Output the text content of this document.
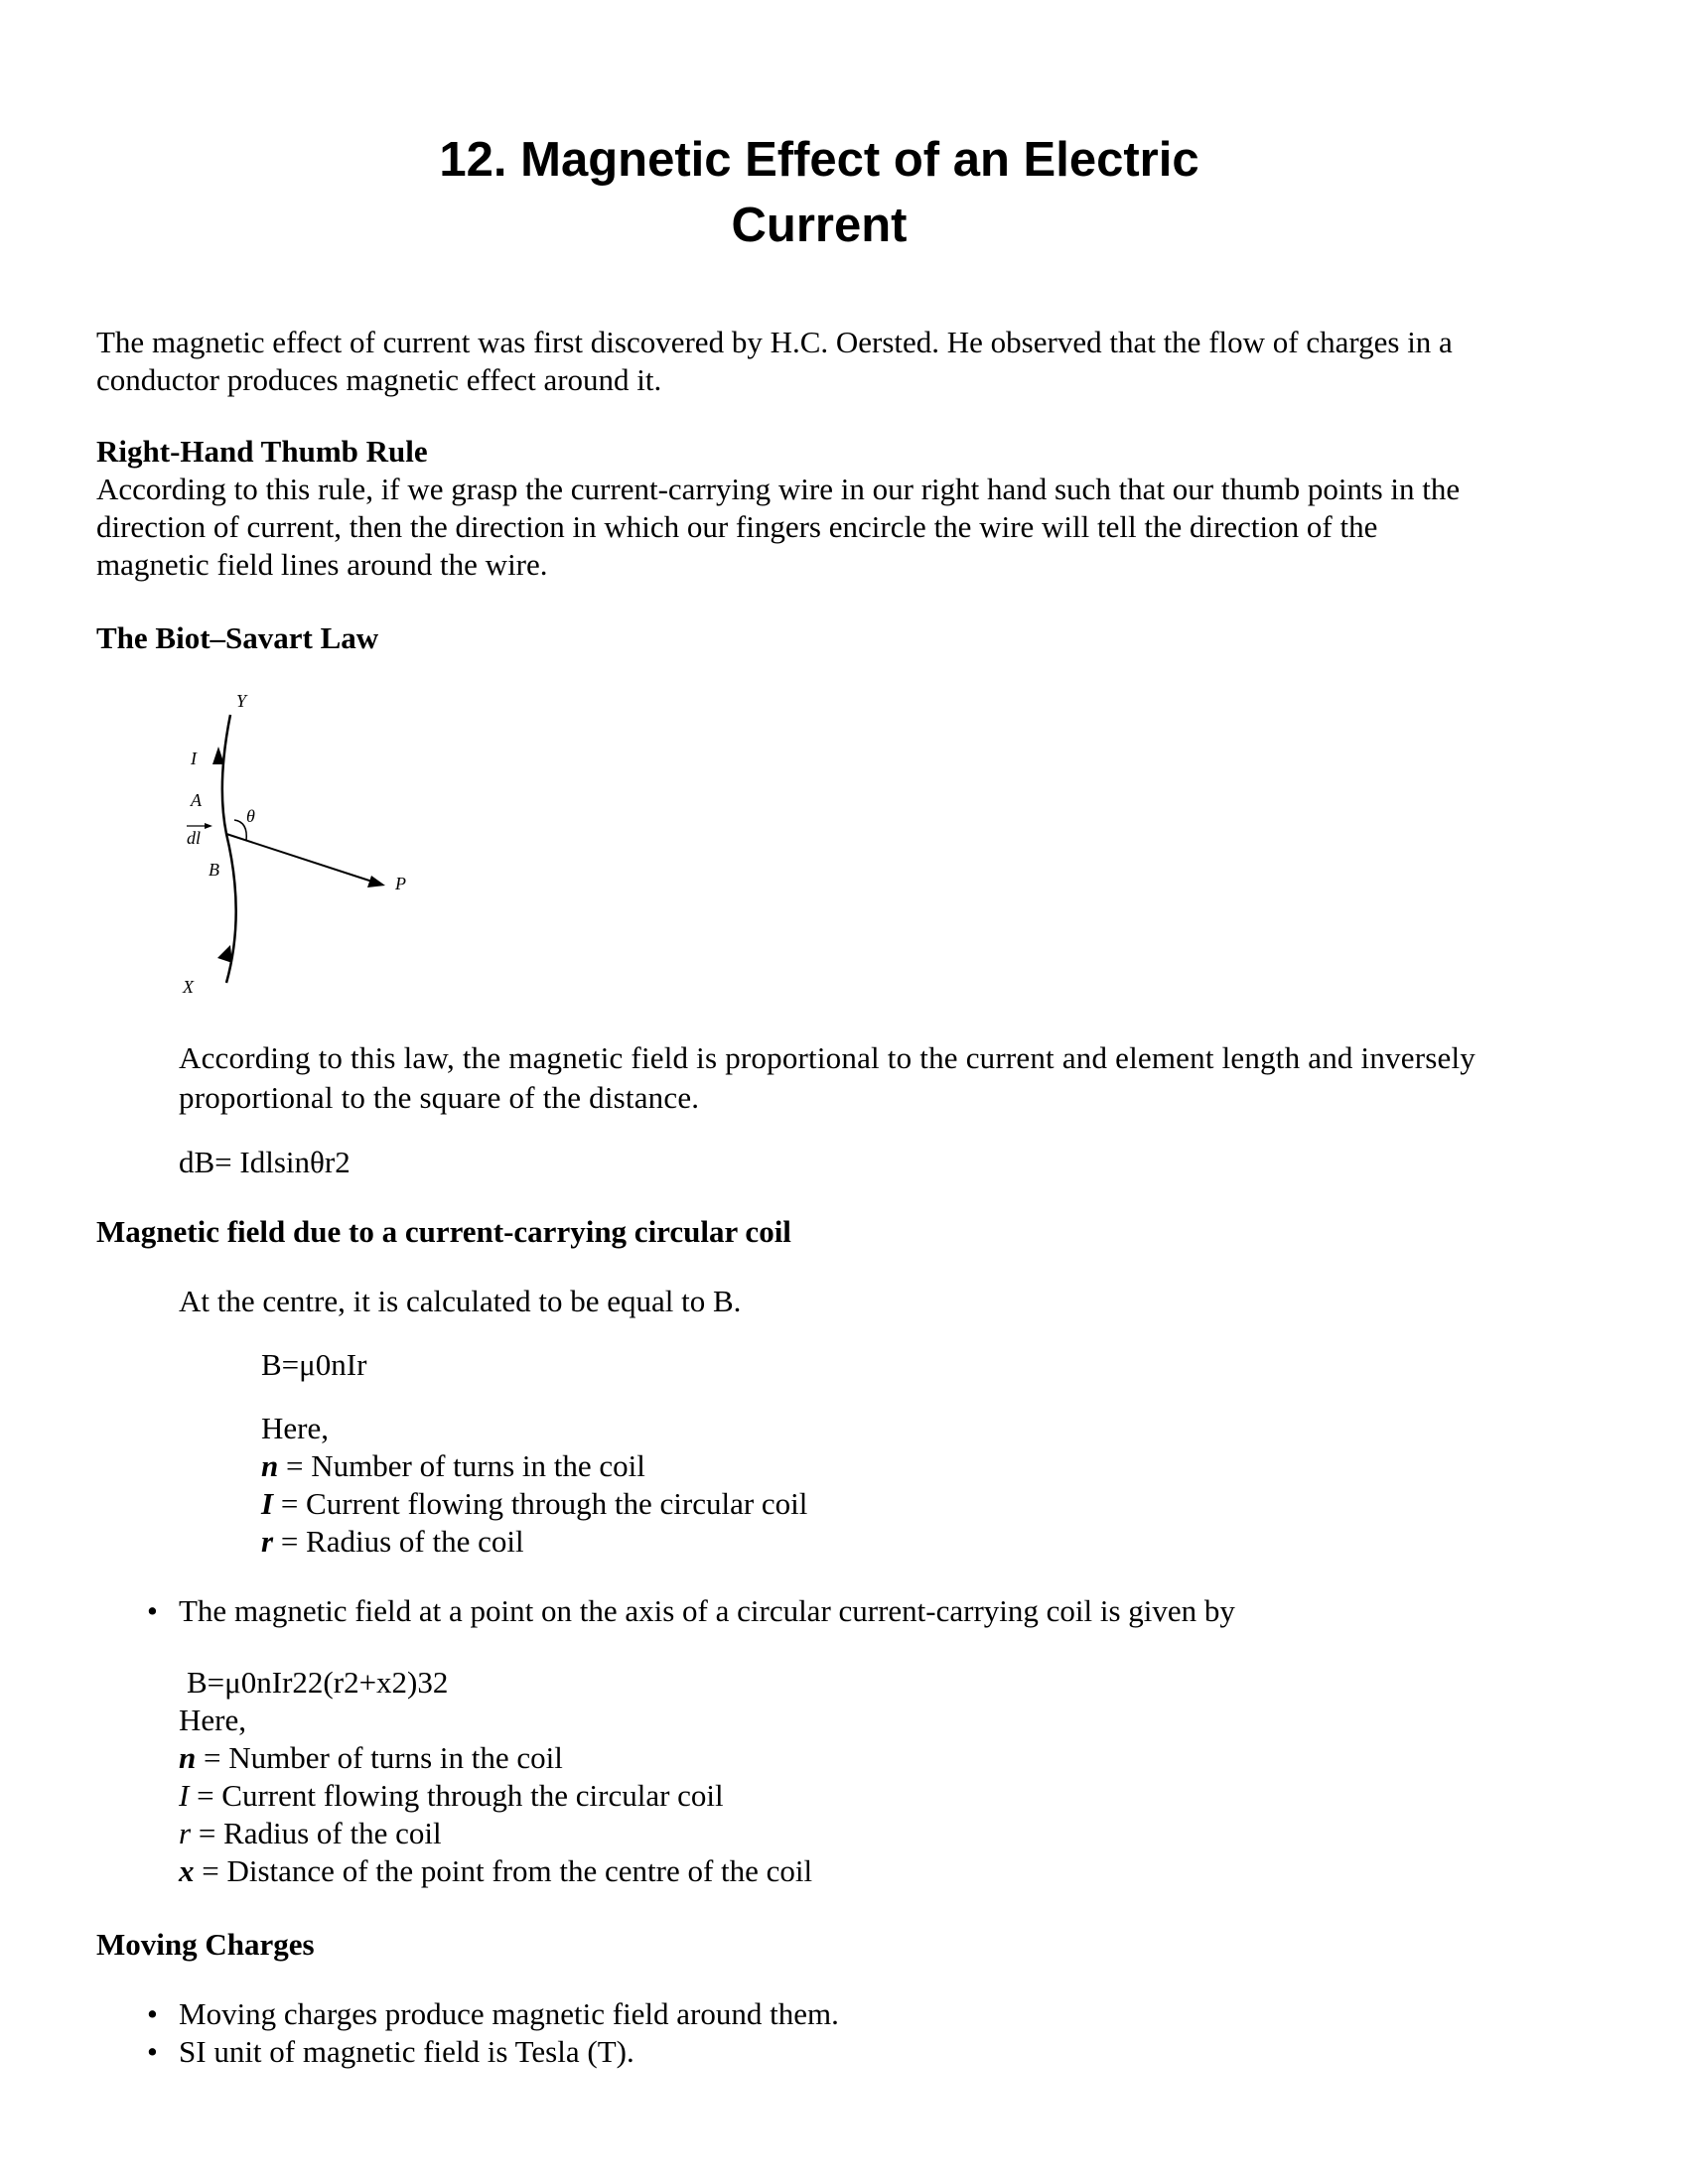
12. Magnetic Effect of an Electric
Current
The magnetic effect of current was first discovered by H.C. Oersted. He observed that the flow of charges in a
conductor produces magnetic effect around it.
Right-Hand Thumb Rule
According to this rule, if we grasp the current-carrying wire in our right hand such that our thumb points in the
direction of current, then the direction in which our fingers encircle the wire will tell the direction of the
magnetic field lines around the wire.
The Biot–Savart Law
Y
I
A
θ
dl
B
P
X
According to this law, the magnetic field is proportional to the current and element length and inversely
proportional to the square of the distance.
dB= Idlsinθr2
Magnetic field due to a current-carrying circular coil
At the centre, it is calculated to be equal to B.
B=μ0nIr
Here,
n = Number of turns in the coil
I = Current flowing through the circular coil
r = Radius of the coil
• The magnetic field at a point on the axis of a circular current-carrying coil is given by
B=μ0nIr22(r2+x2)32
Here,
n = Number of turns in the coil
I = Current flowing through the circular coil
r = Radius of the coil
x = Distance of the point from the centre of the coil
Moving Charges
• Moving charges produce magnetic field around them.
• SI unit of magnetic field is Tesla (T).
